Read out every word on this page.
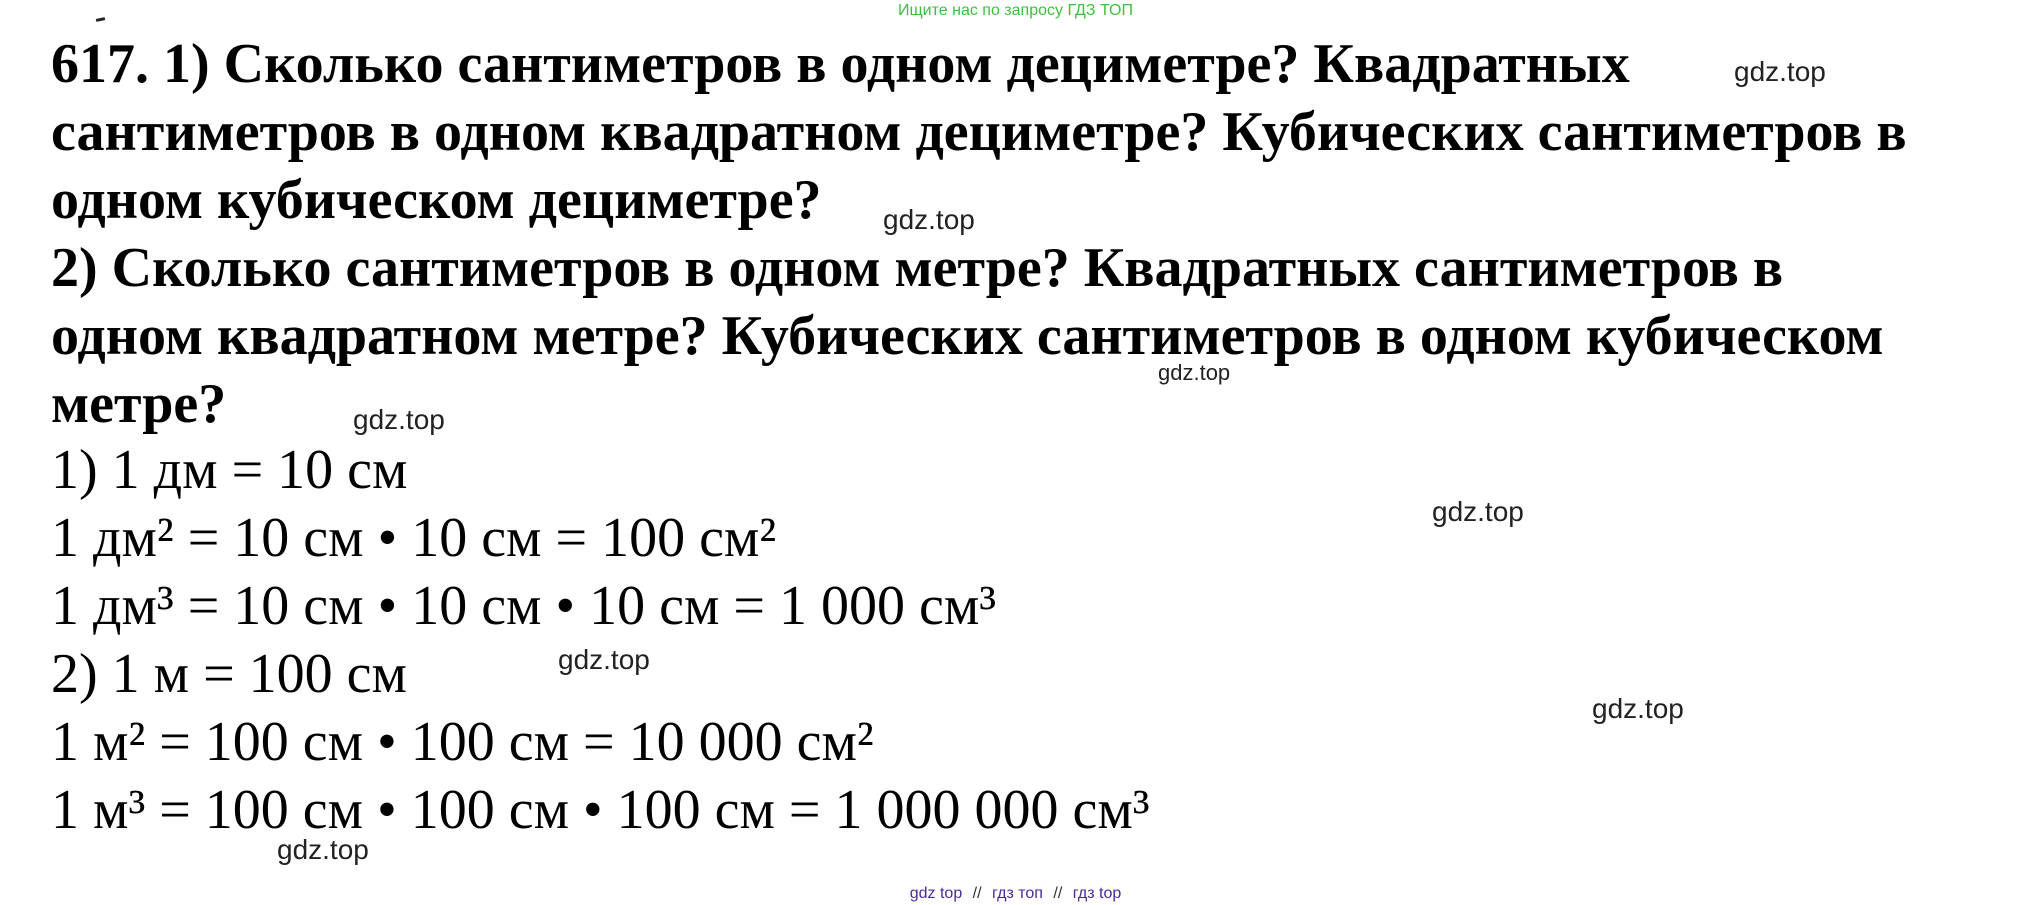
Ищите нас по запросу ГДЗ ТОП
617. 1) Сколько сантиметров в одном дециметре? Квадратных
сантиметров в одном квадратном дециметре? Кубических сантиметров в
одном кубическом дециметре?
2) Сколько сантиметров в одном метре? Квадратных сантиметров в
одном квадратном метре? Кубических сантиметров в одном кубическом
метре?
1) 1 дм = 10 см
1 дм² = 10 см • 10 см = 100 см²
1 дм³ = 10 см • 10 см • 10 см = 1 000 см³
2) 1 м = 100 см
1 м² = 100 см • 100 см = 10 000 см²
1 м³ = 100 см • 100 см • 100 см = 1 000 000 см³
gdz.top
gdz.top
gdz.top
gdz.top
gdz.top
gdz.top
gdz.top
gdz.top
gdz top // гдз топ // гдз top
